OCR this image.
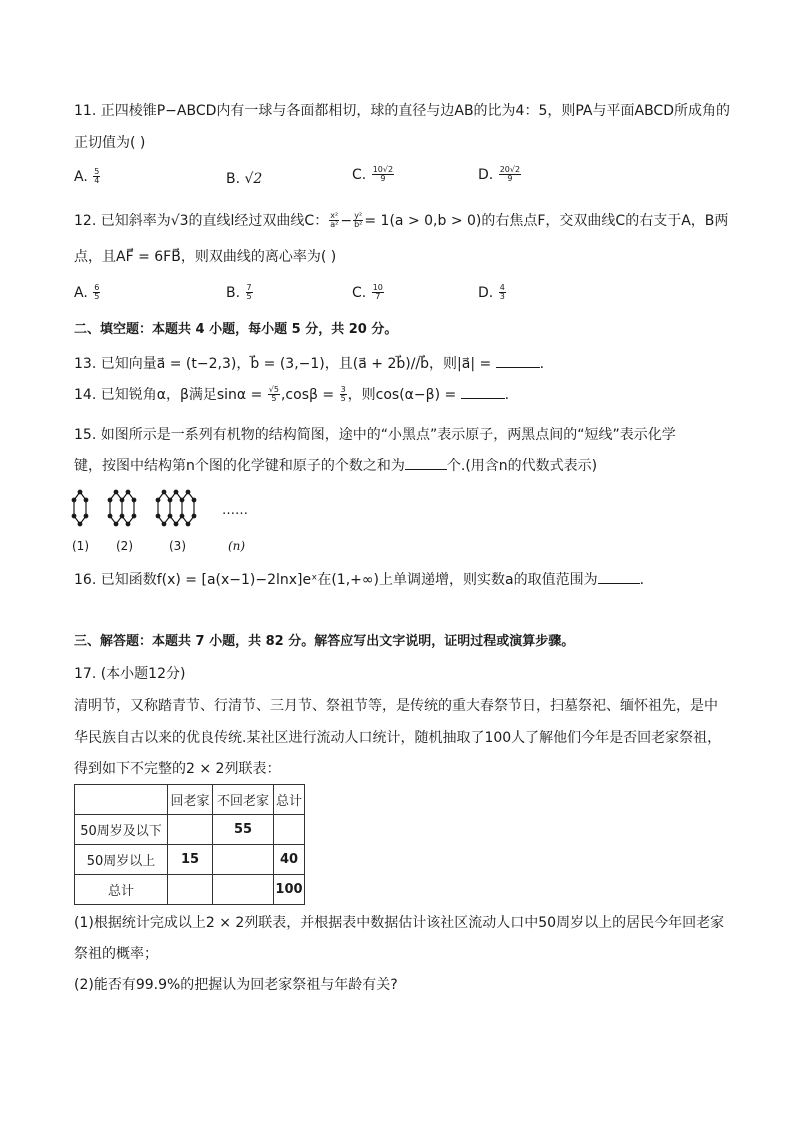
11. 正四棱锥P−ABCD内有一球与各面都相切，球的直径与边AB的比为4：5，则PA与平面ABCD所成角的
正切值为( )
A. $\frac{5}{4}$	B. √2	C. $\frac{10√2}{9}$	D. $\frac{20√2}{9}$
12. 已知斜率为√3的直线l经过双曲线C： $\frac{\text{x²}}{\text{a²}} - \frac{\text{y²}}{\text{b²}} = 1(a > 0,b > 0)$的右焦点F，交双曲线C的右支于A，B两
点，且AF⃗ = 6FB⃗，则双曲线的离心率为( )
A. $\frac{6}{5}$	B. $\frac{7}{5}$	C. $\frac{10}{7}$	D. $\frac{4}{3}$
二、填空题：本题共 4 小题，每小题 5 分，共 20 分。
13. 已知向量a⃗ = (t−2,3)，b⃗ = (3,−1)，且(a⃗ + 2b⃗)//b⃗，则|a⃗| =	.
14. 已知锐角α，β满足$\sin\alpha = \frac{√5}{5} ,\cos\beta = \frac{3}{5}$ ，则cos(α−β) =	.
15. 如图所示是一系列有机物的结构简图，途中的“小黑点”表示原子，两黑点间的“短线”表示化学
键，按图中结构第n个图的化学键和原子的个数之和为	个.(用含n的代数式表示)
……
(1) (2)	(3)	(n)
16. 已知函数f(x) = [a(x−1)−2lnx]eˣ在(1,+∞)上单调递增，则实数a的取值范围为	.
三、解答题：本题共 7 小题，共 82 分。解答应写出文字说明，证明过程或演算步骤。
17. (本小题12分)
清明节，又称踏青节、行清节、三月节、祭祖节等，是传统的重大春祭节日，扫墓祭祀、缅怀祖先，是中
华民族自古以来的优良传统.某社区进行流动人口统计，随机抽取了100人了解他们今年是否回老家祭祖，
得到如下不完整的2 × 2列联表：
	回老家	不回老家	总计
50周岁及以下		55	
50周岁以上	15		40
总计			100
(1)根据统计完成以上2 × 2列联表，并根据表中数据估计该社区流动人口中50周岁以上的居民今年回老家
祭祖的概率；
(2)能否有99.9%的把握认为回老家祭祖与年龄有关?
